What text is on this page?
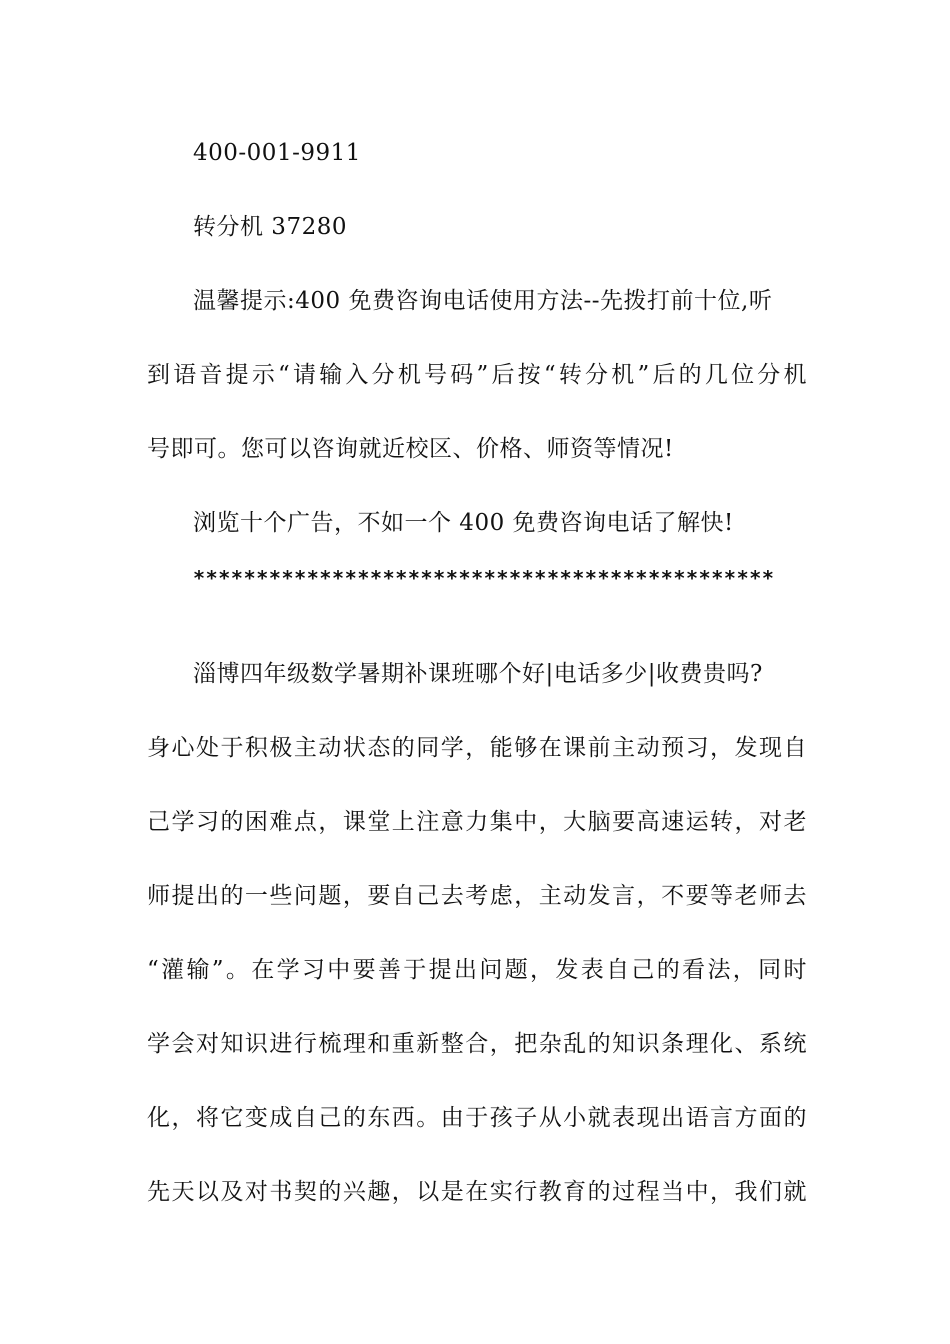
400-001-9911
转分机 37280
温馨提示:400 免费咨询电话使用方法--先拨打前十位,听
到语音提示“请输入分机号码”后按“转分机”后的几位分机
号即可。您可以咨询就近校区、价格、师资等情况!
浏览十个广告，不如一个 400 免费咨询电话了解快!
**********************************************
淄博四年级数学暑期补课班哪个好|电话多少|收费贵吗?
身心处于积极主动状态的同学，能够在课前主动预习，发现自
己学习的困难点，课堂上注意力集中，大脑要高速运转，对老
师提出的一些问题，要自己去考虑，主动发言，不要等老师去
“灌输”。在学习中要善于提出问题，发表自己的看法，同时
学会对知识进行梳理和重新整合，把杂乱的知识条理化、系统
化，将它变成自己的东西。由于孩子从小就表现出语言方面的
先天以及对书契的兴趣，以是在实行教育的过程当中，我们就
